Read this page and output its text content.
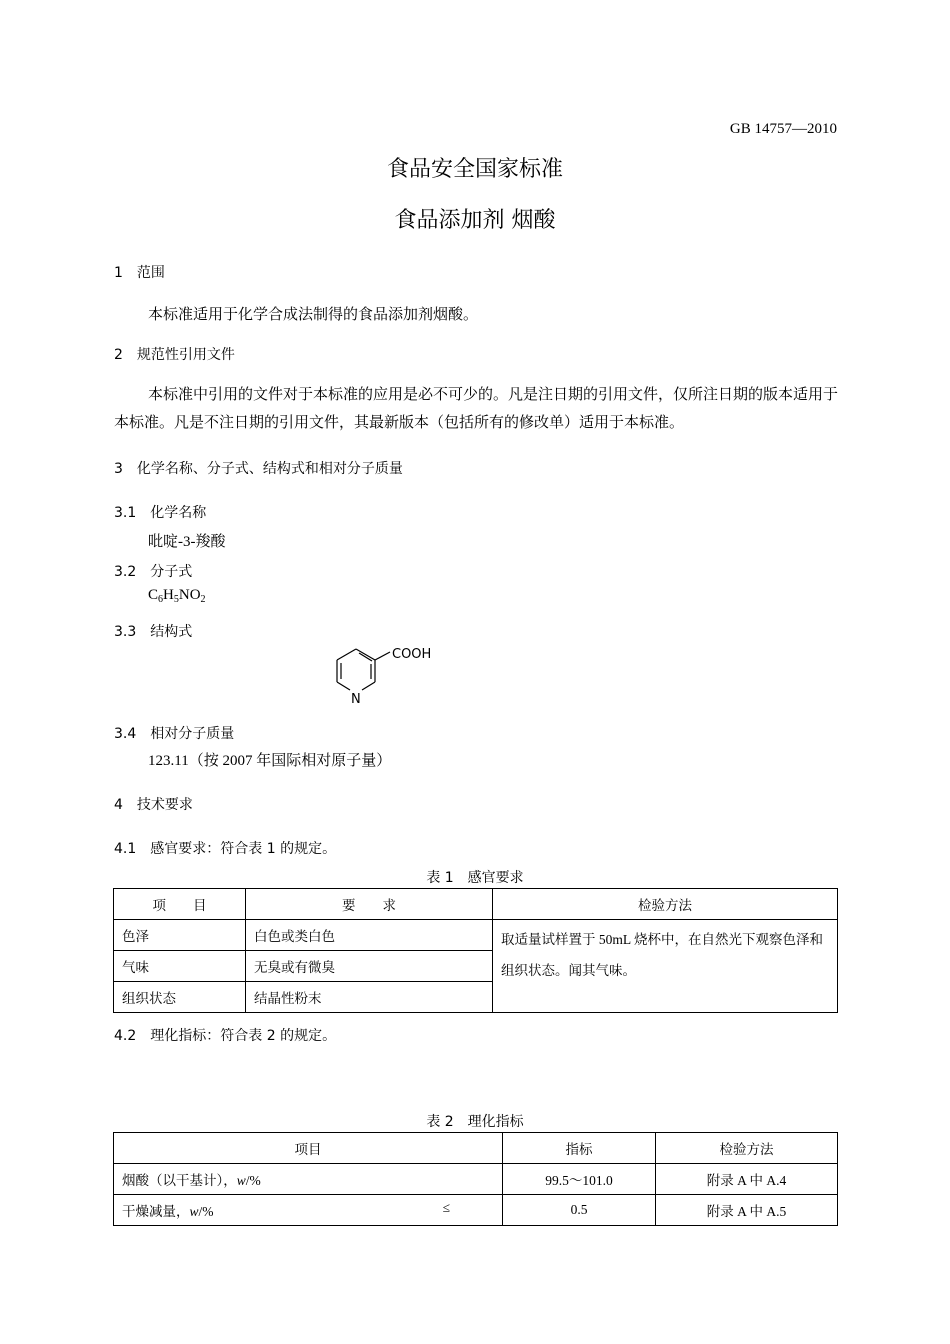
GB 14757—2010
食品安全国家标准
食品添加剂 烟酸
1　范围
本标准适用于化学合成法制得的食品添加剂烟酸。
2　规范性引用文件
本标准中引用的文件对于本标准的应用是必不可少的。凡是注日期的引用文件，仅所注日期的版本适用于本标准。凡是不注日期的引用文件，其最新版本（包括所有的修改单）适用于本标准。
3　化学名称、分子式、结构式和相对分子质量
3.1　化学名称
吡啶-3-羧酸
3.2　分子式
$C_6H_5NO_2$
3.3　结构式
COOH
N
3.4　相对分子质量
123.11（按 2007 年国际相对原子量）
4　技术要求
4.1　感官要求：符合表 1 的规定。
表 1　感官要求
项　　目	要　　求	检验方法
色泽	白色或类白色	取适量试样置于 50mL 烧杯中，在自然光下观察色泽和组织状态。闻其气味。
气味	无臭或有微臭	
组织状态	结晶性粉末	
4.2　理化指标：符合表 2 的规定。
表 2　理化指标
项目	指标	检验方法
烟酸（以干基计），w/%	99.5～101.0	附录 A 中 A.4
干燥减量，w/% ≤	0.5	附录 A 中 A.5
